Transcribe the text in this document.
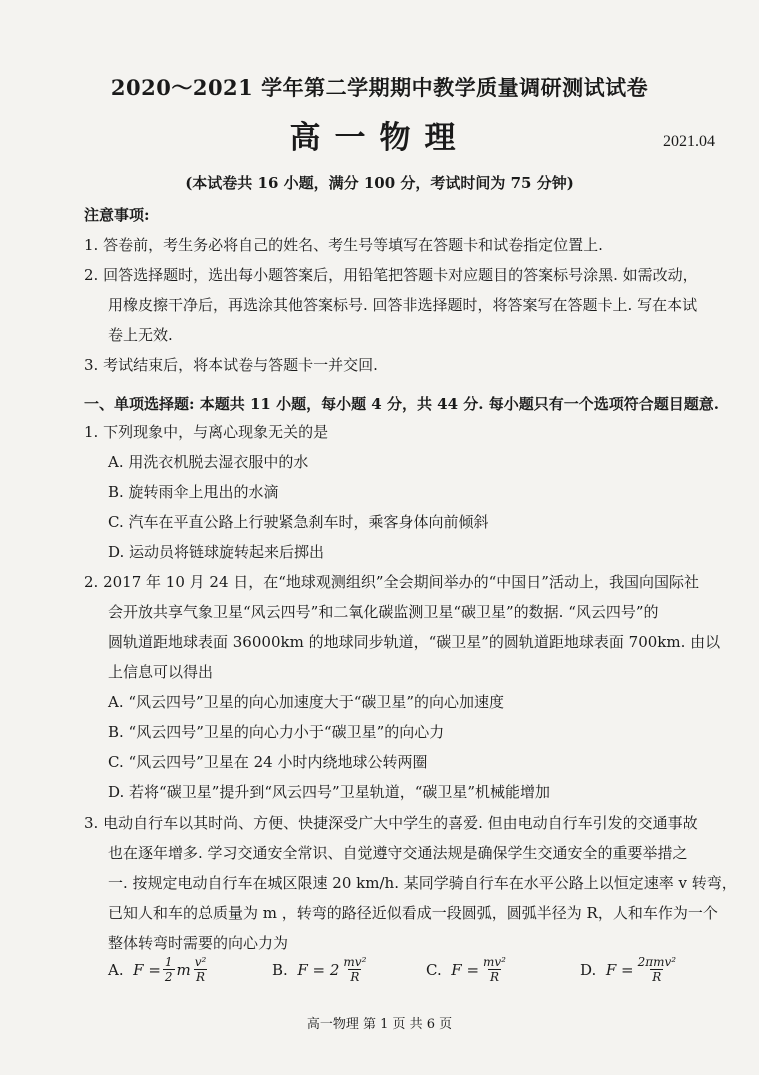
2020～2021 学年第二学期期中教学质量调研测试试卷
高一物理	2021.04
(本试卷共 16 小题，满分 100 分，考试时间为 75 分钟)
注意事项:
1. 答卷前，考生务必将自己的姓名、考生号等填写在答题卡和试卷指定位置上.
2. 回答选择题时，选出每小题答案后，用铅笔把答题卡对应题目的答案标号涂黑. 如需改动，
用橡皮擦干净后，再选涂其他答案标号. 回答非选择题时，将答案写在答题卡上. 写在本试
卷上无效.
3. 考试结束后，将本试卷与答题卡一并交回.
一、单项选择题: 本题共 11 小题，每小题 4 分，共 44 分. 每小题只有一个选项符合题目题意.
1. 下列现象中，与离心现象无关的是
A. 用洗衣机脱去湿衣服中的水
B. 旋转雨伞上甩出的水滴
C. 汽车在平直公路上行驶紧急刹车时，乘客身体向前倾斜
D. 运动员将链球旋转起来后掷出
2. 2017 年 10 月 24 日，在“地球观测组织”全会期间举办的“中国日”活动上，我国向国际社
会开放共享气象卫星“风云四号”和二氧化碳监测卫星“碳卫星”的数据. “风云四号”的
圆轨道距地球表面 36000km 的地球同步轨道，“碳卫星”的圆轨道距地球表面 700km. 由以
上信息可以得出
A. “风云四号”卫星的向心加速度大于“碳卫星”的向心加速度
B. “风云四号”卫星的向心力小于“碳卫星”的向心力
C. “风云四号”卫星在 24 小时内绕地球公转两圈
D. 若将“碳卫星”提升到“风云四号”卫星轨道，“碳卫星”机械能增加
3. 电动自行车以其时尚、方便、快捷深受广大中学生的喜爱. 但由电动自行车引发的交通事故
也在逐年增多. 学习交通安全常识、自觉遵守交通法规是确保学生交通安全的重要举措之
一. 按规定电动自行车在城区限速 20 km/h. 某同学骑自行车在水平公路上以恒定速率 v 转弯，
已知人和车的总质量为 m ，转弯的路径近似看成一段圆弧，圆弧半径为 R，人和车作为一个
整体转弯时需要的向心力为
A.
$F = \frac{1}{2}$ m $\frac{\text{v²}}{R}$	B.
$F = 2 \frac{\text{mv²}}{R}$	C.
$F = \frac{\text{mv²}}{R}$	D.
$F = \frac{\text{2πmv²}}{R}$
高一物理 第 1 页 共 6 页
